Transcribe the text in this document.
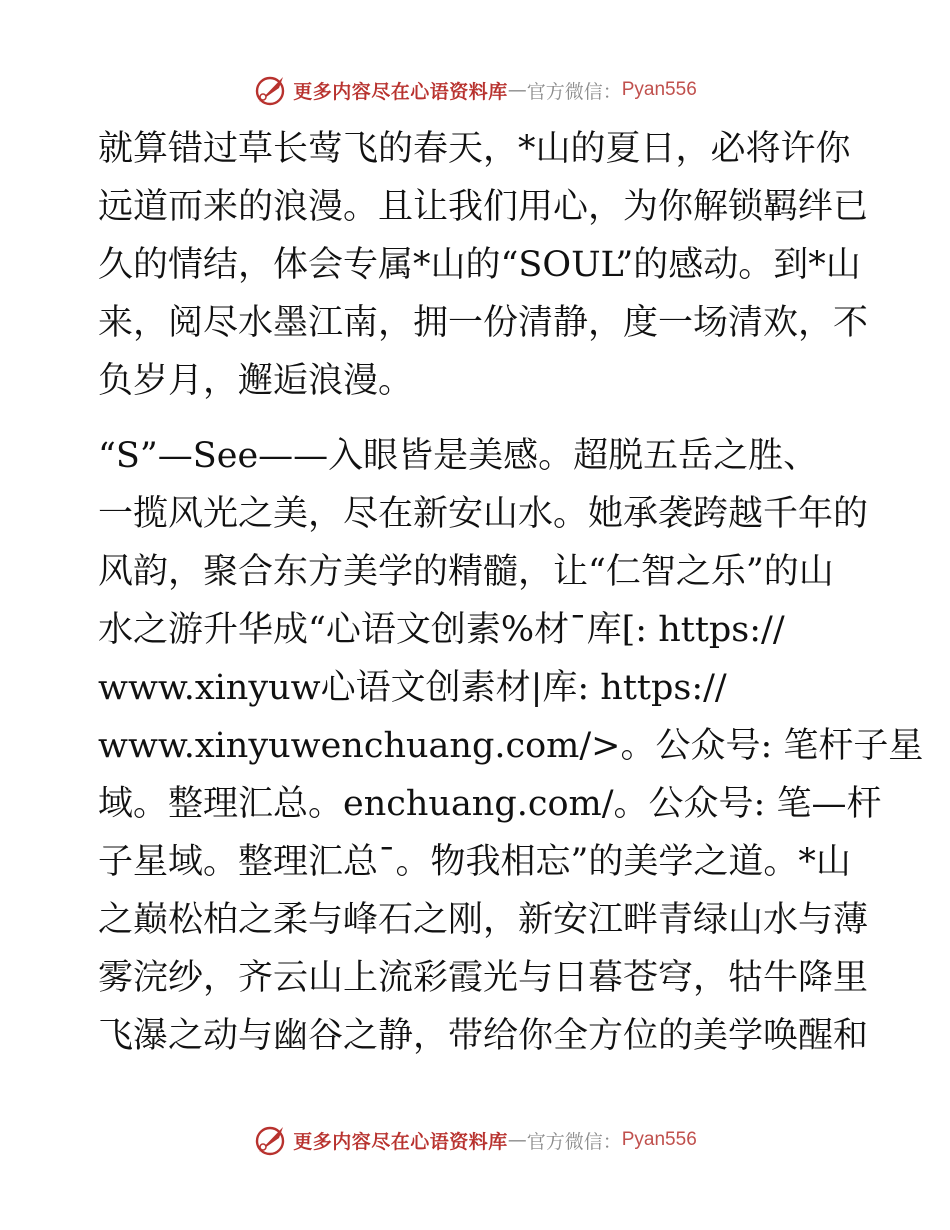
更多内容尽在心语资料库 — 官方微信： Pyan556

就算错过草长莺飞的春天，*山的夏日，必将许你
远道而来的浪漫。且让我们用心，为你解锁羁绊已
久的情结，体会专属*山的“SOUL”的感动。到*山
来，阅尽水墨江南，拥一份清静，度一场清欢，不
负岁月，邂逅浪漫。

“S”—See——入眼皆是美感。超脱五岳之胜、
一揽风光之美，尽在新安山水。她承袭跨越千年的
风韵，聚合东方美学的精髓，让“仁智之乐”的山
水之游升华成“心语文创素%材¯库[: https://
www.xinyuw心语文创素材|库: https://
www.xinyuwenchuang.com/>。公众号: 笔杆子星
域。整理汇总。enchuang.com/。公众号: 笔—杆
子星域。整理汇总¯。物我相忘”的美学之道。*山
之巅松柏之柔与峰石之刚，新安江畔青绿山水与薄
雾浣纱，齐云山上流彩霞光与日暮苍穹，牯牛降里
飞瀑之动与幽谷之静，带给你全方位的美学唤醒和

更多内容尽在心语资料库 — 官方微信： Pyan556
